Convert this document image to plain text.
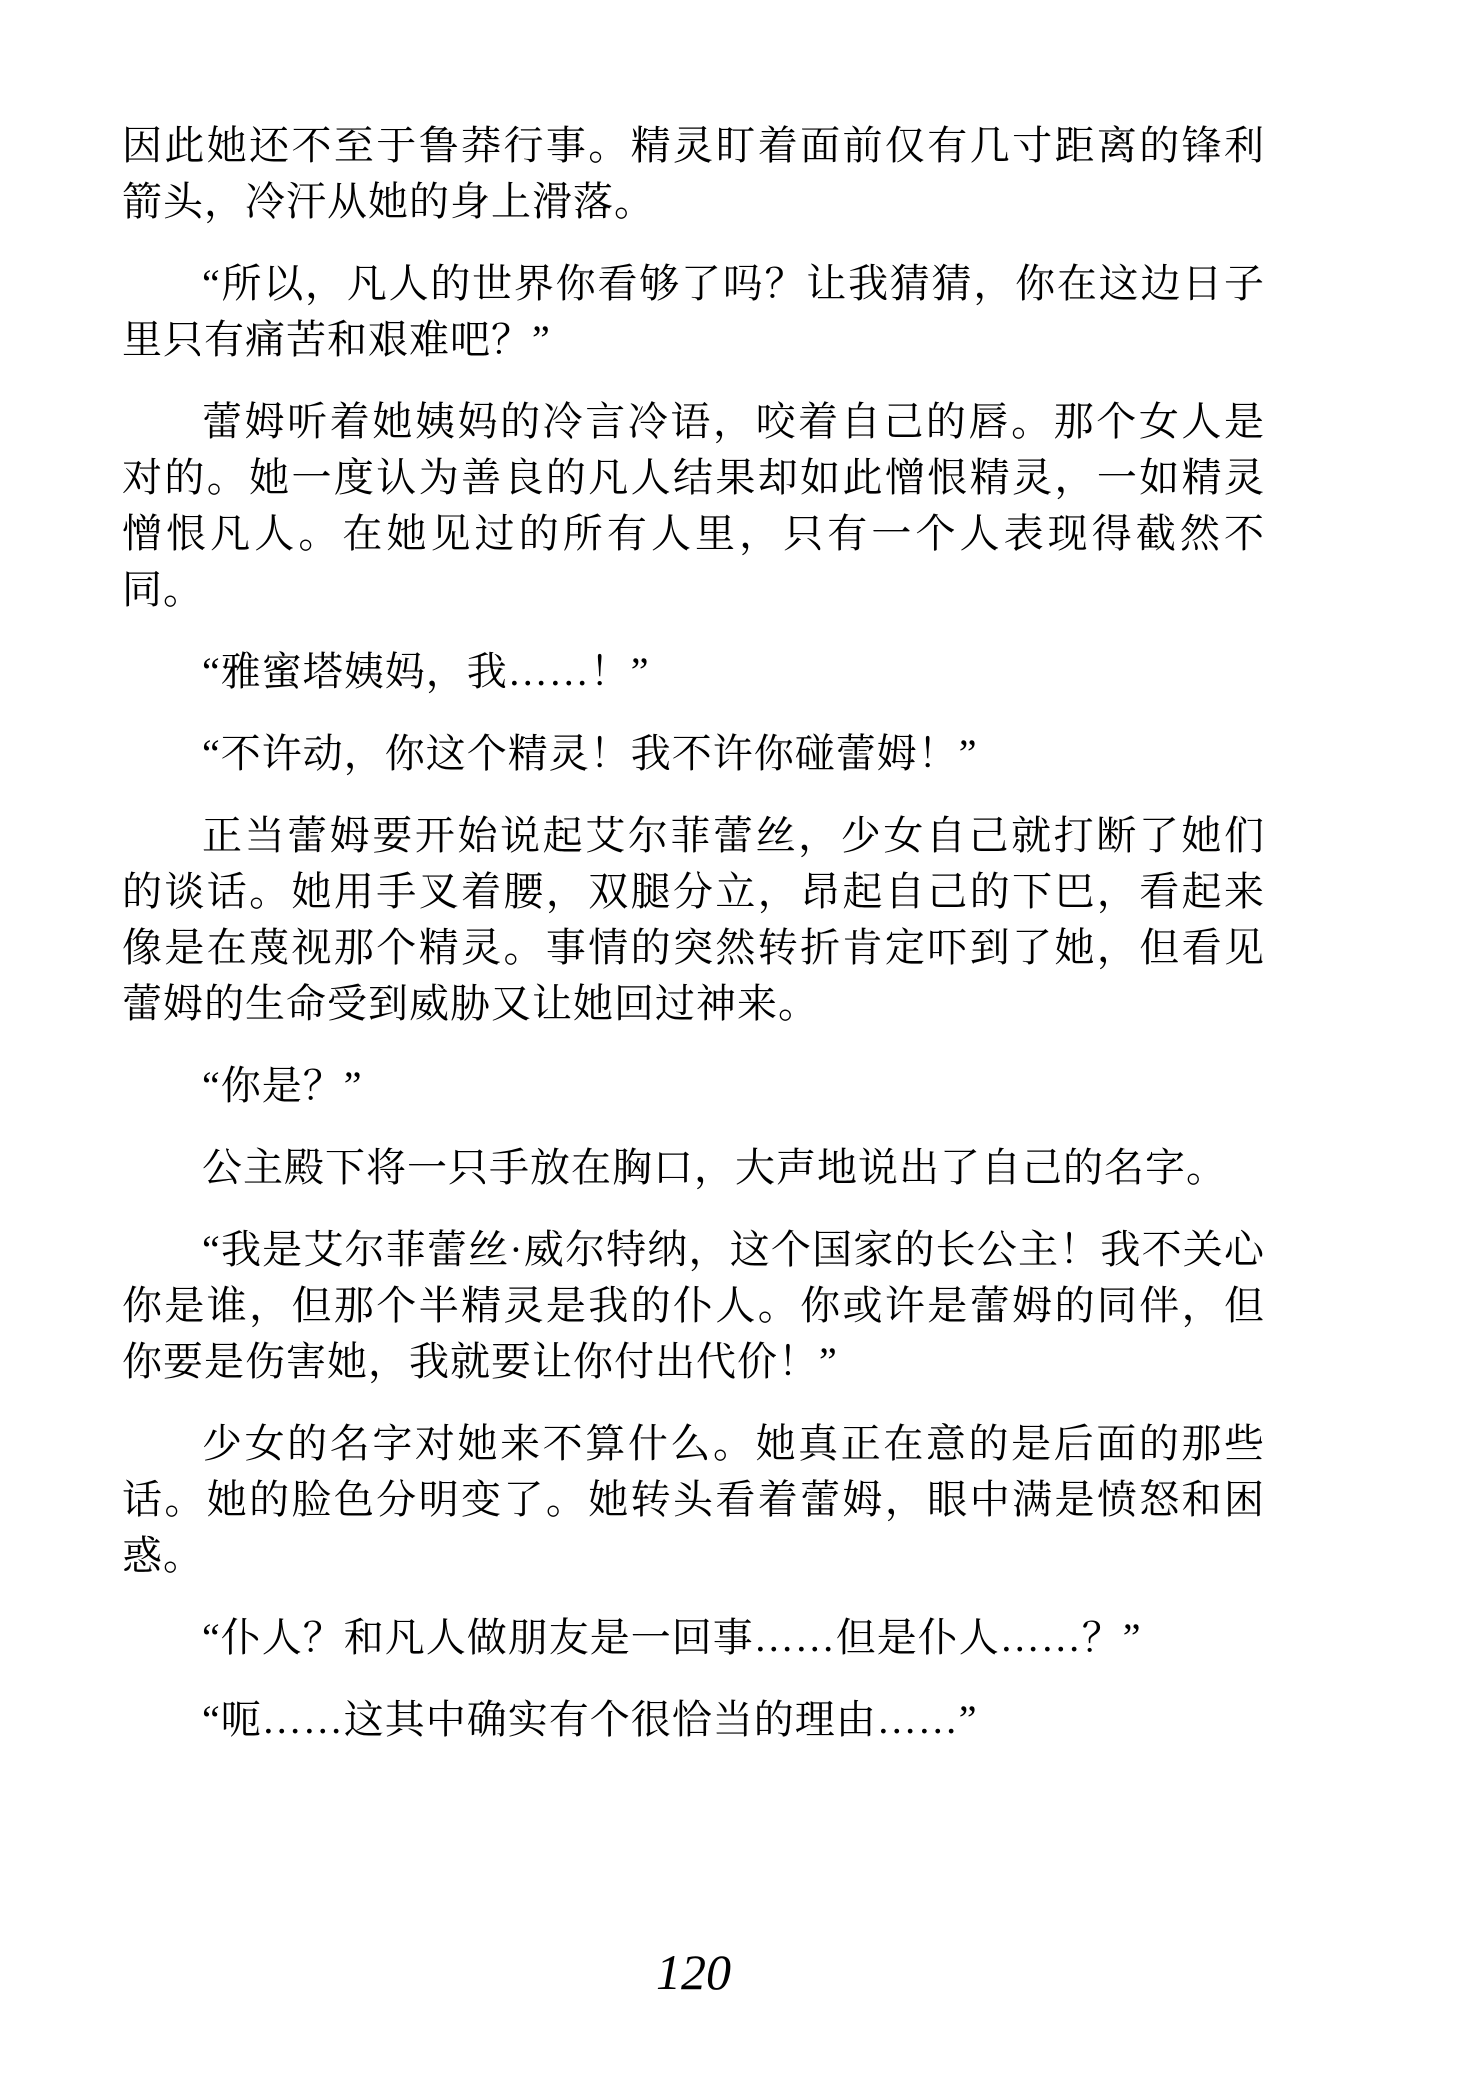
因此她还不至于鲁莽行事。精灵盯着面前仅有几寸距离的锋利箭头，冷汗从她的身上滑落。

“所以，凡人的世界你看够了吗？让我猜猜，你在这边日子里只有痛苦和艰难吧？”

蕾姆听着她姨妈的冷言冷语，咬着自己的唇。那个女人是对的。她一度认为善良的凡人结果却如此憎恨精灵，一如精灵憎恨凡人。在她见过的所有人里，只有一个人表现得截然不同。

“雅蜜塔姨妈，我……！”

“不许动，你这个精灵！我不许你碰蕾姆！”

正当蕾姆要开始说起艾尔菲蕾丝，少女自己就打断了她们的谈话。她用手叉着腰，双腿分立，昂起自己的下巴，看起来像是在蔑视那个精灵。事情的突然转折肯定吓到了她，但看见蕾姆的生命受到威胁又让她回过神来。

“你是？”

公主殿下将一只手放在胸口，大声地说出了自己的名字。

“我是艾尔菲蕾丝·威尔特纳，这个国家的长公主！我不关心你是谁，但那个半精灵是我的仆人。你或许是蕾姆的同伴，但你要是伤害她，我就要让你付出代价！”

少女的名字对她来不算什么。她真正在意的是后面的那些话。她的脸色分明变了。她转头看着蕾姆，眼中满是愤怒和困惑。

“仆人？和凡人做朋友是一回事……但是仆人……？”

“呃……这其中确实有个很恰当的理由……”

120
